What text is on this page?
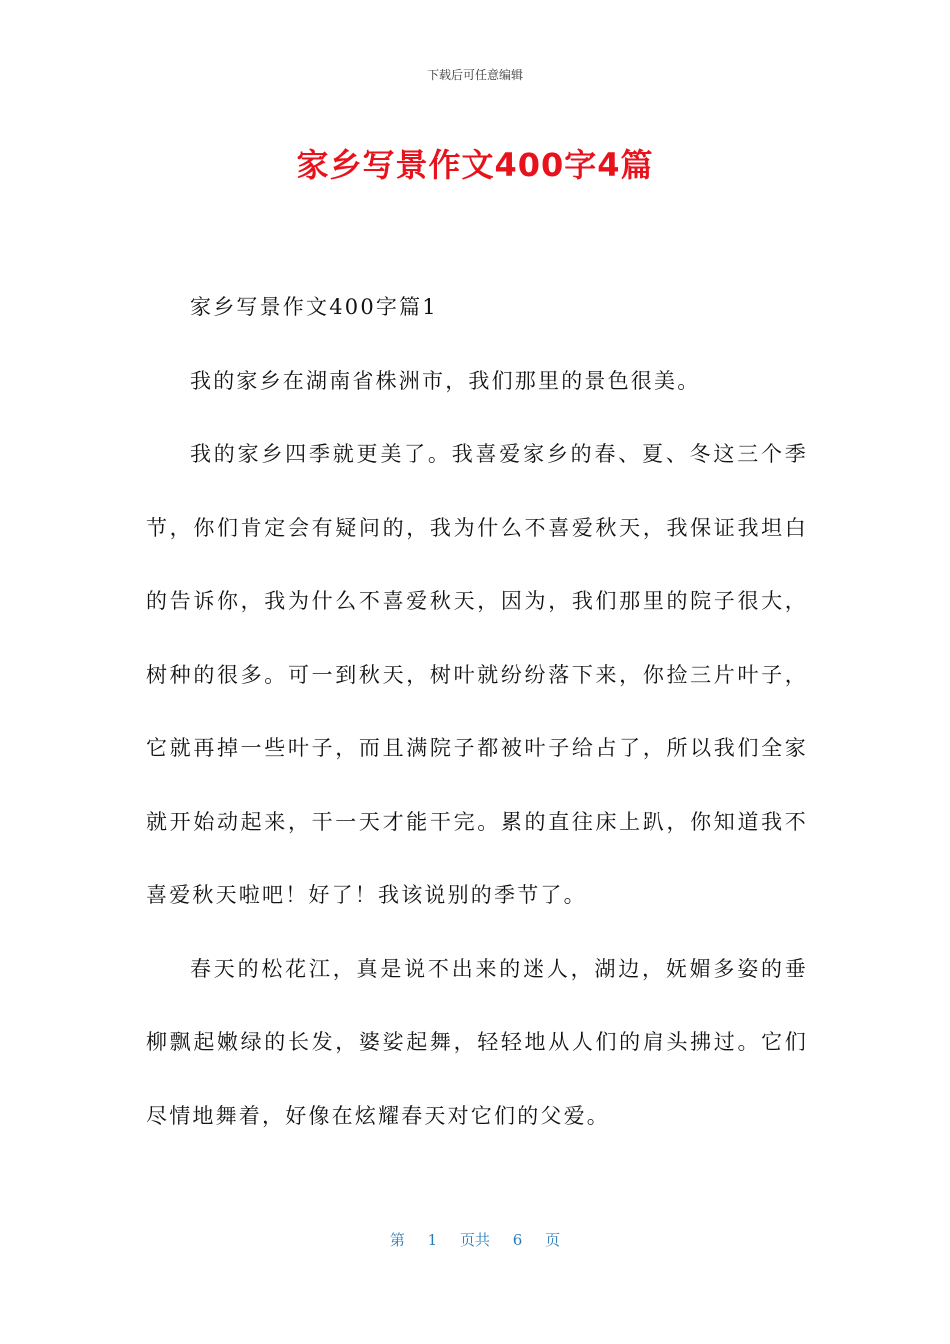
下载后可任意编辑
家乡写景作文400字4篇

家乡写景作文400字篇1

我的家乡在湖南省株洲市，我们那里的景色很美。

我的家乡四季就更美了。我喜爱家乡的春、夏、冬这三个季节，你们肯定会有疑问的，我为什么不喜爱秋天，我保证我坦白的告诉你，我为什么不喜爱秋天，因为，我们那里的院子很大，树种的很多。可一到秋天，树叶就纷纷落下来，你捡三片叶子，它就再掉一些叶子，而且满院子都被叶子给占了，所以我们全家就开始动起来，干一天才能干完。累的直往床上趴，你知道我不喜爱秋天啦吧！好了！我该说别的季节了。

春天的松花江，真是说不出来的迷人，湖边，妩媚多姿的垂柳飘起嫩绿的长发，婆娑起舞，轻轻地从人们的肩头拂过。它们尽情地舞着，好像在炫耀春天对它们的父爱。

第 1 页共 6 页
